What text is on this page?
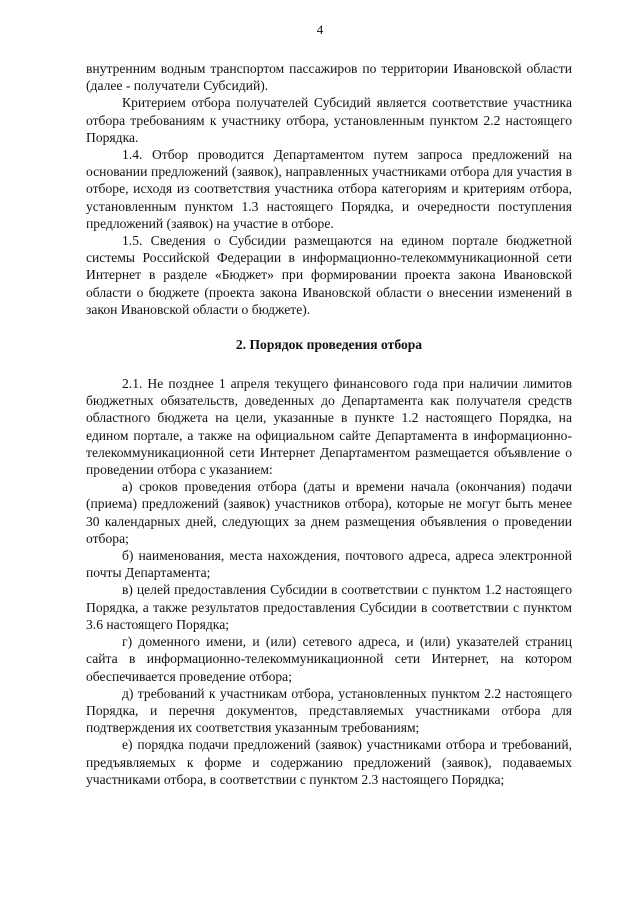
4

внутренним водным транспортом пассажиров по территории Ивановской области (далее - получатели Субсидий).

Критерием отбора получателей Субсидий является соответствие участника отбора требованиям к участнику отбора, установленным пунктом 2.2 настоящего Порядка.

1.4. Отбор проводится Департаментом путем запроса предложений на основании предложений (заявок), направленных участниками отбора для участия в отборе, исходя из соответствия участника отбора категориям и критериям отбора, установленным пунктом 1.3 настоящего Порядка, и очередности поступления предложений (заявок) на участие в отборе.

1.5. Сведения о Субсидии размещаются на едином портале бюджетной системы Российской Федерации в информационно-телекоммуникационной сети Интернет в разделе «Бюджет» при формировании проекта закона Ивановской области о бюджете (проекта закона Ивановской области о внесении изменений в закон Ивановской области о бюджете).

2. Порядок проведения отбора

2.1. Не позднее 1 апреля текущего финансового года при наличии лимитов бюджетных обязательств, доведенных до Департамента как получателя средств областного бюджета на цели, указанные в пункте 1.2 настоящего Порядка, на едином портале, а также на официальном сайте Департамента в информационно-телекоммуникационной сети Интернет Департаментом размещается объявление о проведении отбора с указанием:

а) сроков проведения отбора (даты и времени начала (окончания) подачи (приема) предложений (заявок) участников отбора), которые не могут быть менее 30 календарных дней, следующих за днем размещения объявления о проведении отбора;

б) наименования, места нахождения, почтового адреса, адреса электронной почты Департамента;

в) целей предоставления Субсидии в соответствии с пунктом 1.2 настоящего Порядка, а также результатов предоставления Субсидии в соответствии с пунктом 3.6 настоящего Порядка;

г) доменного имени, и (или) сетевого адреса, и (или) указателей страниц сайта в информационно-телекоммуникационной сети Интернет, на котором обеспечивается проведение отбора;

д) требований к участникам отбора, установленных пунктом 2.2 настоящего Порядка, и перечня документов, представляемых участниками отбора для подтверждения их соответствия указанным требованиям;

е) порядка подачи предложений (заявок) участниками отбора и требований, предъявляемых к форме и содержанию предложений (заявок), подаваемых участниками отбора, в соответствии с пунктом 2.3 настоящего Порядка;
